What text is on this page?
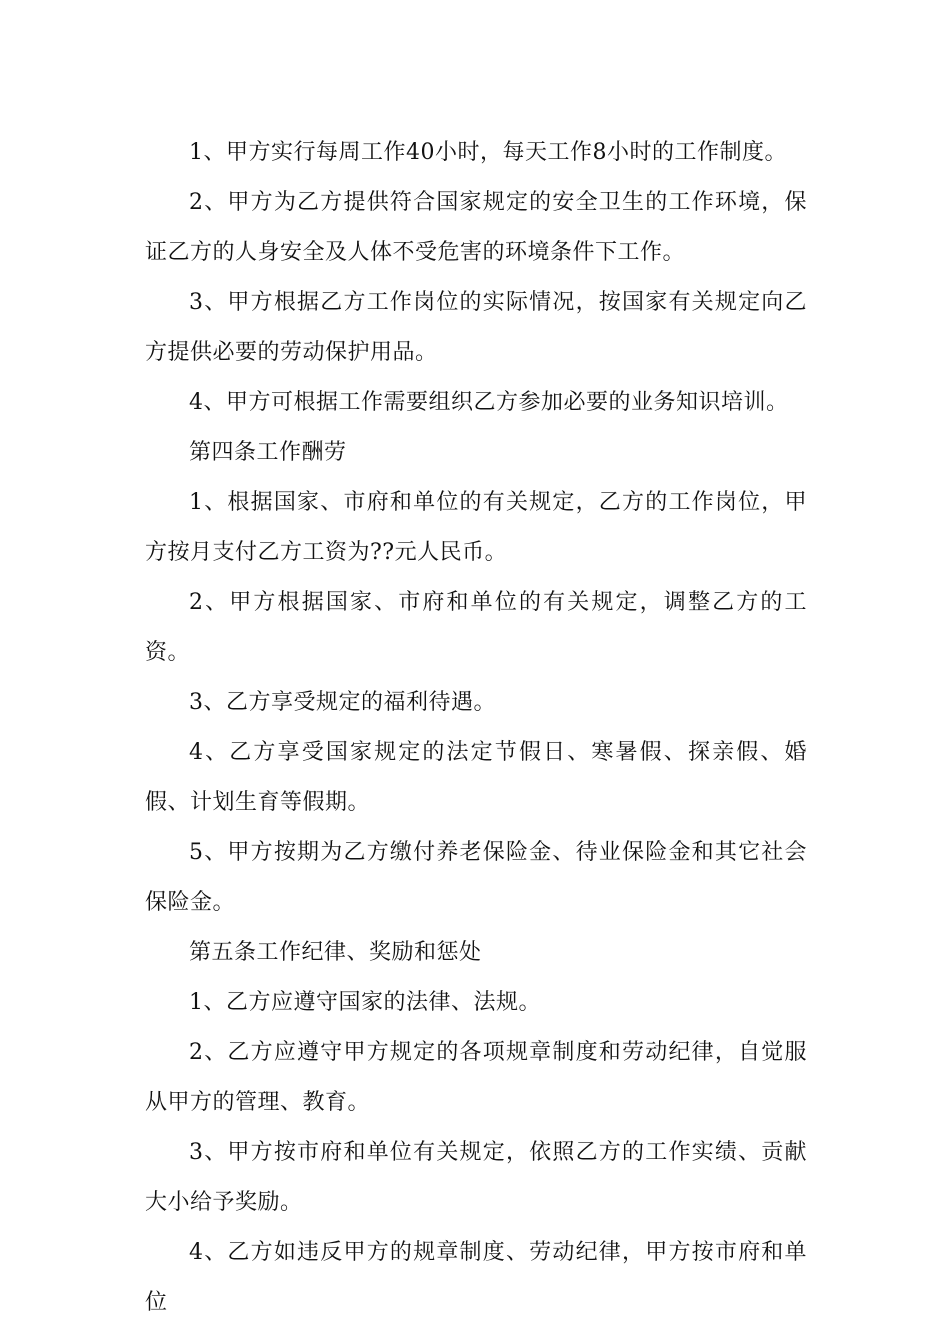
1、甲方实行每周工作40小时，每天工作8小时的工作制度。

2、甲方为乙方提供符合国家规定的安全卫生的工作环境，保证乙方的人身安全及人体不受危害的环境条件下工作。

3、甲方根据乙方工作岗位的实际情况，按国家有关规定向乙方提供必要的劳动保护用品。

4、甲方可根据工作需要组织乙方参加必要的业务知识培训。

第四条工作酬劳

1、根据国家、市府和单位的有关规定，乙方的工作岗位，甲方按月支付乙方工资为??元人民币。

2、甲方根据国家、市府和单位的有关规定，调整乙方的工资。

3、乙方享受规定的福利待遇。

4、乙方享受国家规定的法定节假日、寒暑假、探亲假、婚假、计划生育等假期。

5、甲方按期为乙方缴付养老保险金、待业保险金和其它社会保险金。

第五条工作纪律、奖励和惩处

1、乙方应遵守国家的法律、法规。

2、乙方应遵守甲方规定的各项规章制度和劳动纪律，自觉服从甲方的管理、教育。

3、甲方按市府和单位有关规定，依照乙方的工作实绩、贡献大小给予奖励。

4、乙方如违反甲方的规章制度、劳动纪律，甲方按市府和单位
